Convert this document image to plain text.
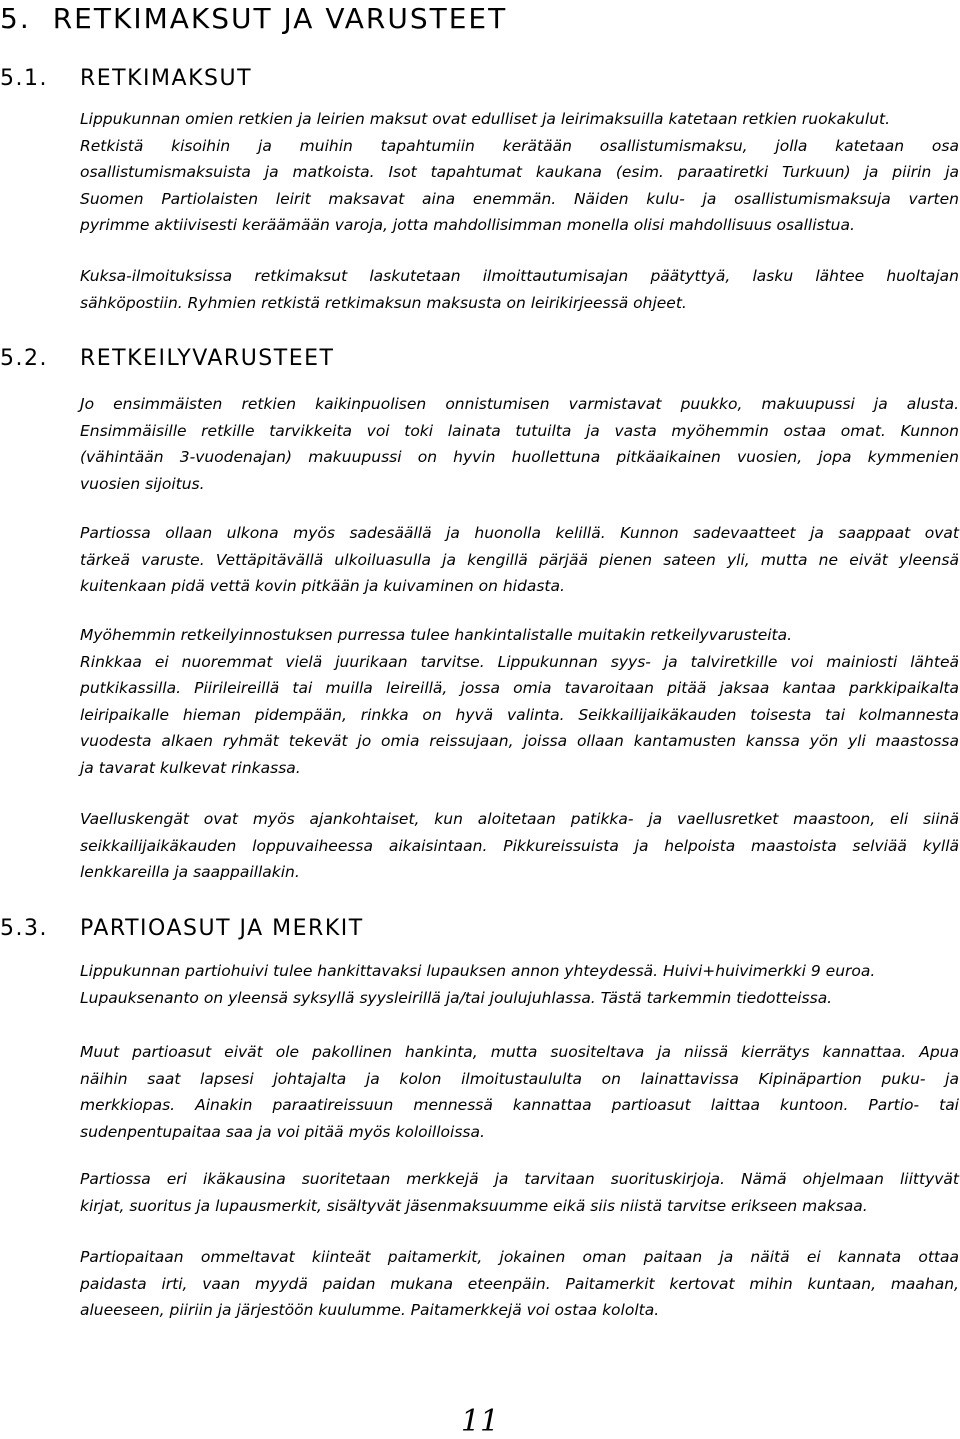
5. RETKIMAKSUT JA VARUSTEET
5.1. RETKIMAKSUT
Lippukunnan omien retkien ja leirien maksut ovat edulliset ja leirimaksuilla katetaan retkien ruokakulut.
Retkistä kisoihin ja muihin tapahtumiin kerätään osallistumismaksu, jolla katetaan osa
osallistumismaksuista ja matkoista. Isot tapahtumat kaukana (esim. paraatiretki Turkuun) ja piirin ja
Suomen Partiolaisten leirit maksavat aina enemmän. Näiden kulu- ja osallistumismaksuja varten
pyrimme aktiivisesti keräämään varoja, jotta mahdollisimman monella olisi mahdollisuus osallistua.
Kuksa-ilmoituksissa retkimaksut laskutetaan ilmoittautumisajan päätyttyä, lasku lähtee huoltajan
sähköpostiin. Ryhmien retkistä retkimaksun maksusta on leirikirjeessä ohjeet.
5.2. RETKEILYVARUSTEET
Jo ensimmäisten retkien kaikinpuolisen onnistumisen varmistavat puukko, makuupussi ja alusta.
Ensimmäisille retkille tarvikkeita voi toki lainata tutuilta ja vasta myöhemmin ostaa omat. Kunnon
(vähintään 3-vuodenajan) makuupussi on hyvin huollettuna pitkäaikainen vuosien, jopa kymmenien
vuosien sijoitus.
Partiossa ollaan ulkona myös sadesäällä ja huonolla kelillä. Kunnon sadevaatteet ja saappaat ovat
tärkeä varuste. Vettäpitävällä ulkoiluasulla ja kengillä pärjää pienen sateen yli, mutta ne eivät yleensä
kuitenkaan pidä vettä kovin pitkään ja kuivaminen on hidasta.
Myöhemmin retkeilyinnostuksen purressa tulee hankintalistalle muitakin retkeilyvarusteita.
Rinkkaa ei nuoremmat vielä juurikaan tarvitse. Lippukunnan syys- ja talviretkille voi mainiosti lähteä
putkikassilla. Piirileireillä tai muilla leireillä, jossa omia tavaroitaan pitää jaksaa kantaa parkkipaikalta
leiripaikalle hieman pidempään, rinkka on hyvä valinta. Seikkailijaikäkauden toisesta tai kolmannesta
vuodesta alkaen ryhmät tekevät jo omia reissujaan, joissa ollaan kantamusten kanssa yön yli maastossa
ja tavarat kulkevat rinkassa.
Vaelluskengät ovat myös ajankohtaiset, kun aloitetaan patikka- ja vaellusretket maastoon, eli siinä
seikkailijaikäkauden loppuvaiheessa aikaisintaan. Pikkureissuista ja helpoista maastoista selviää kyllä
lenkkareilla ja saappaillakin.
5.3. PARTIOASUT JA MERKIT
Lippukunnan partiohuivi tulee hankittavaksi lupauksen annon yhteydessä. Huivi+huivimerkki 9 euroa.
Lupauksenanto on yleensä syksyllä syysleirillä ja/tai joulujuhlassa. Tästä tarkemmin tiedotteissa.
Muut partioasut eivät ole pakollinen hankinta, mutta suositeltava ja niissä kierrätys kannattaa. Apua
näihin saat lapsesi johtajalta ja kolon ilmoitustaululta on lainattavissa Kipinäpartion puku- ja
merkkiopas. Ainakin paraatireissuun mennessä kannattaa partioasut laittaa kuntoon. Partio- tai
sudenpentupaitaa saa ja voi pitää myös koloilloissa.
Partiossa eri ikäkausina suoritetaan merkkejä ja tarvitaan suorituskirjoja. Nämä ohjelmaan liittyvät
kirjat, suoritus ja lupausmerkit, sisältyvät jäsenmaksuumme eikä siis niistä tarvitse erikseen maksaa.
Partiopaitaan ommeltavat kiinteät paitamerkit, jokainen oman paitaan ja näitä ei kannata ottaa
paidasta irti, vaan myydä paidan mukana eteenpäin. Paitamerkit kertovat mihin kuntaan, maahan,
alueeseen, piiriin ja järjestöön kuulumme. Paitamerkkejä voi ostaa kololta.
11
